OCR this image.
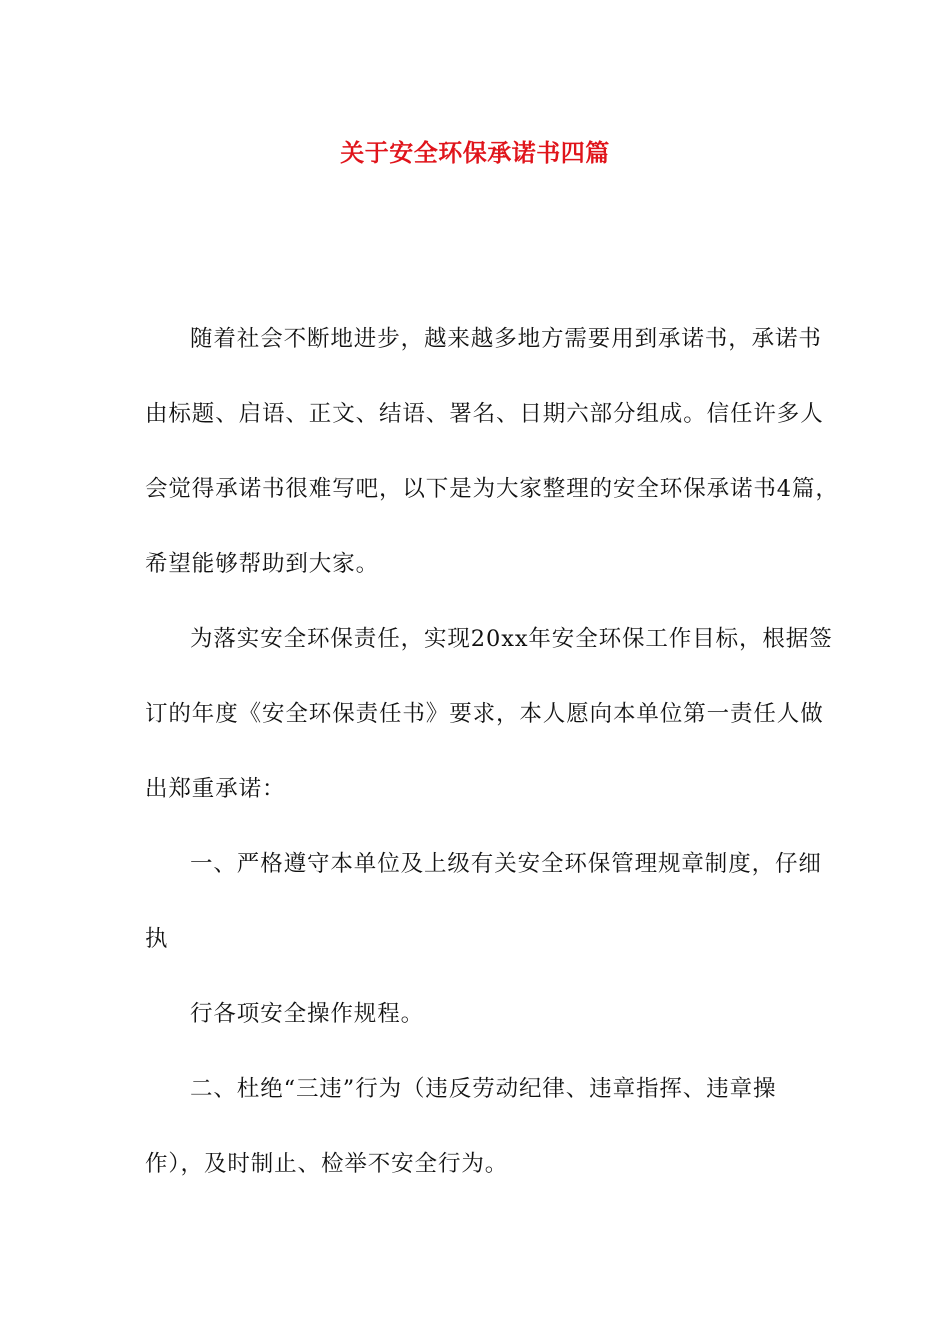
关于安全环保承诺书四篇
随着社会不断地进步，越来越多地方需要用到承诺书，承诺书
由标题、启语、正文、结语、署名、日期六部分组成。信任许多人
会觉得承诺书很难写吧，以下是为大家整理的安全环保承诺书4篇，
希望能够帮助到大家。
为落实安全环保责任，实现20xx年安全环保工作目标，根据签
订的年度《安全环保责任书》要求，本人愿向本单位第一责任人做
出郑重承诺：
一、严格遵守本单位及上级有关安全环保管理规章制度，仔细
执
行各项安全操作规程。
二、杜绝“三违”行为（违反劳动纪律、违章指挥、违章操
作），及时制止、检举不安全行为。
